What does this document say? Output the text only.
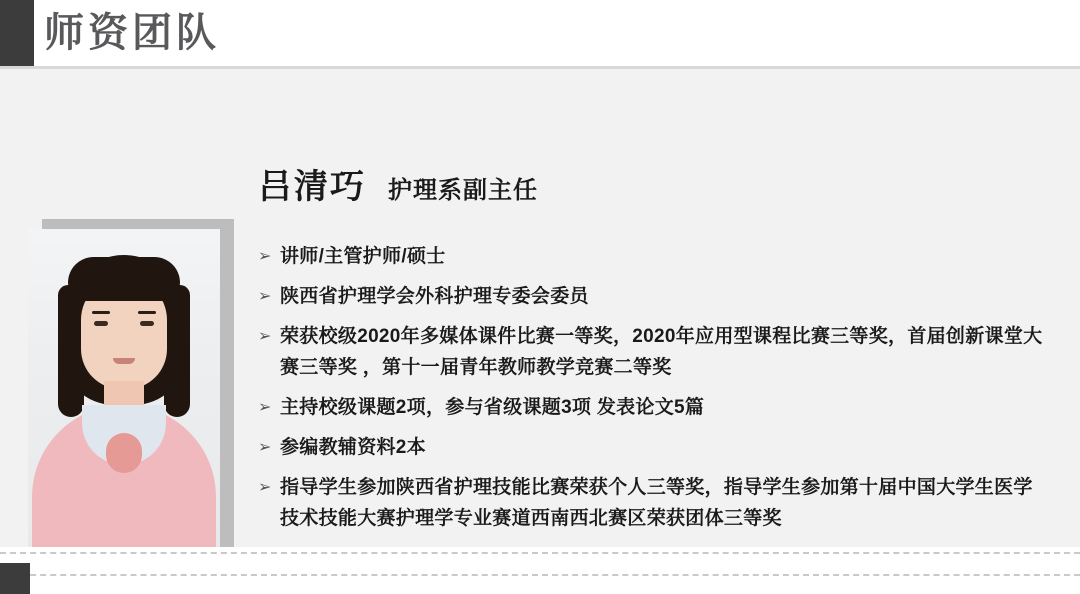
师资团队
吕清巧 护理系副主任
➢ 讲师/主管护师/硕士
➢ 陕西省护理学会外科护理专委会委员
➢ 荣获校级2020年多媒体课件比赛一等奖，2020年应用型课程比赛三等奖，首届创新课堂大赛三等奖 ，第十一届青年教师教学竞赛二等奖
➢ 主持校级课题2项，参与省级课题3项 发表论文5篇
➢ 参编教辅资料2本
➢ 指导学生参加陕西省护理技能比赛荣获个人三等奖，指导学生参加第十届中国大学生医学技术技能大赛护理学专业赛道西南西北赛区荣获团体三等奖
